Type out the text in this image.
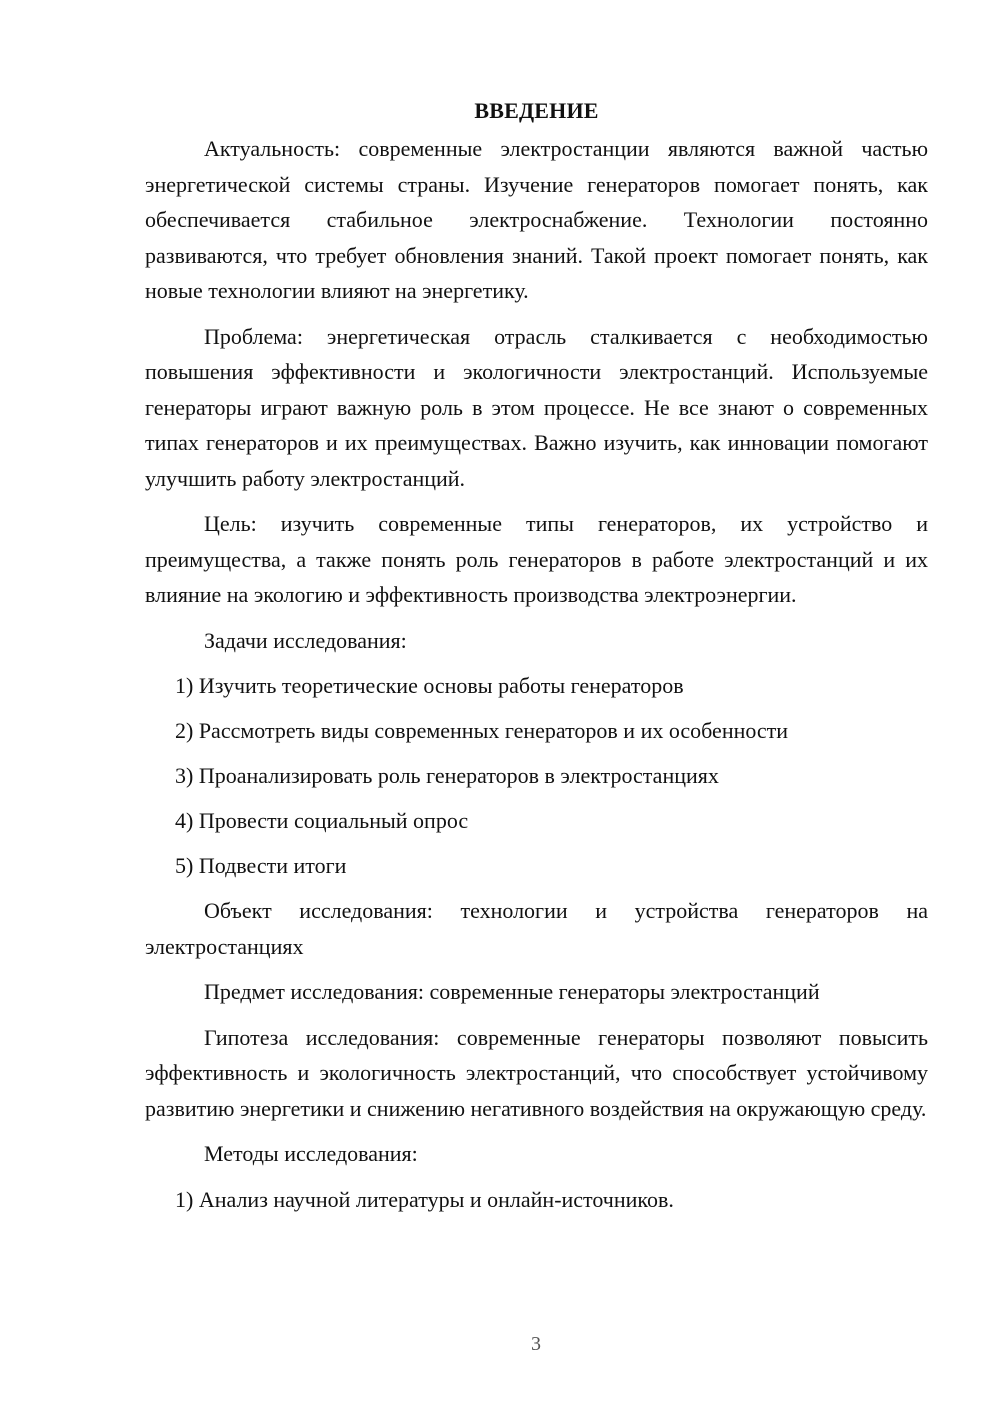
ВВЕДЕНИЕ

Актуальность: современные электростанции являются важной частью энергетической системы страны. Изучение генераторов помогает понять, как обеспечивается стабильное электроснабжение. Технологии постоянно развиваются, что требует обновления знаний. Такой проект помогает понять, как новые технологии влияют на энергетику.

Проблема: энергетическая отрасль сталкивается с необходимостью повышения эффективности и экологичности электростанций. Используемые генераторы играют важную роль в этом процессе. Не все знают о современных типах генераторов и их преимуществах. Важно изучить, как инновации помогают улучшить работу электростанций.

Цель: изучить современные типы генераторов, их устройство и преимущества, а также понять роль генераторов в работе электростанций и их влияние на экологию и эффективность производства электроэнергии.

Задачи исследования:

1) Изучить теоретические основы работы генераторов
2) Рассмотреть виды современных генераторов и их особенности
3) Проанализировать роль генераторов в электростанциях
4) Провести социальный опрос
5) Подвести итоги

Объект исследования: технологии и устройства генераторов на электростанциях

Предмет исследования: современные генераторы электростанций

Гипотеза исследования: современные генераторы позволяют повысить эффективность и экологичность электростанций, что способствует устойчивому развитию энергетики и снижению негативного воздействия на окружающую среду.

Методы исследования:

1) Анализ научной литературы и онлайн-источников.
3
